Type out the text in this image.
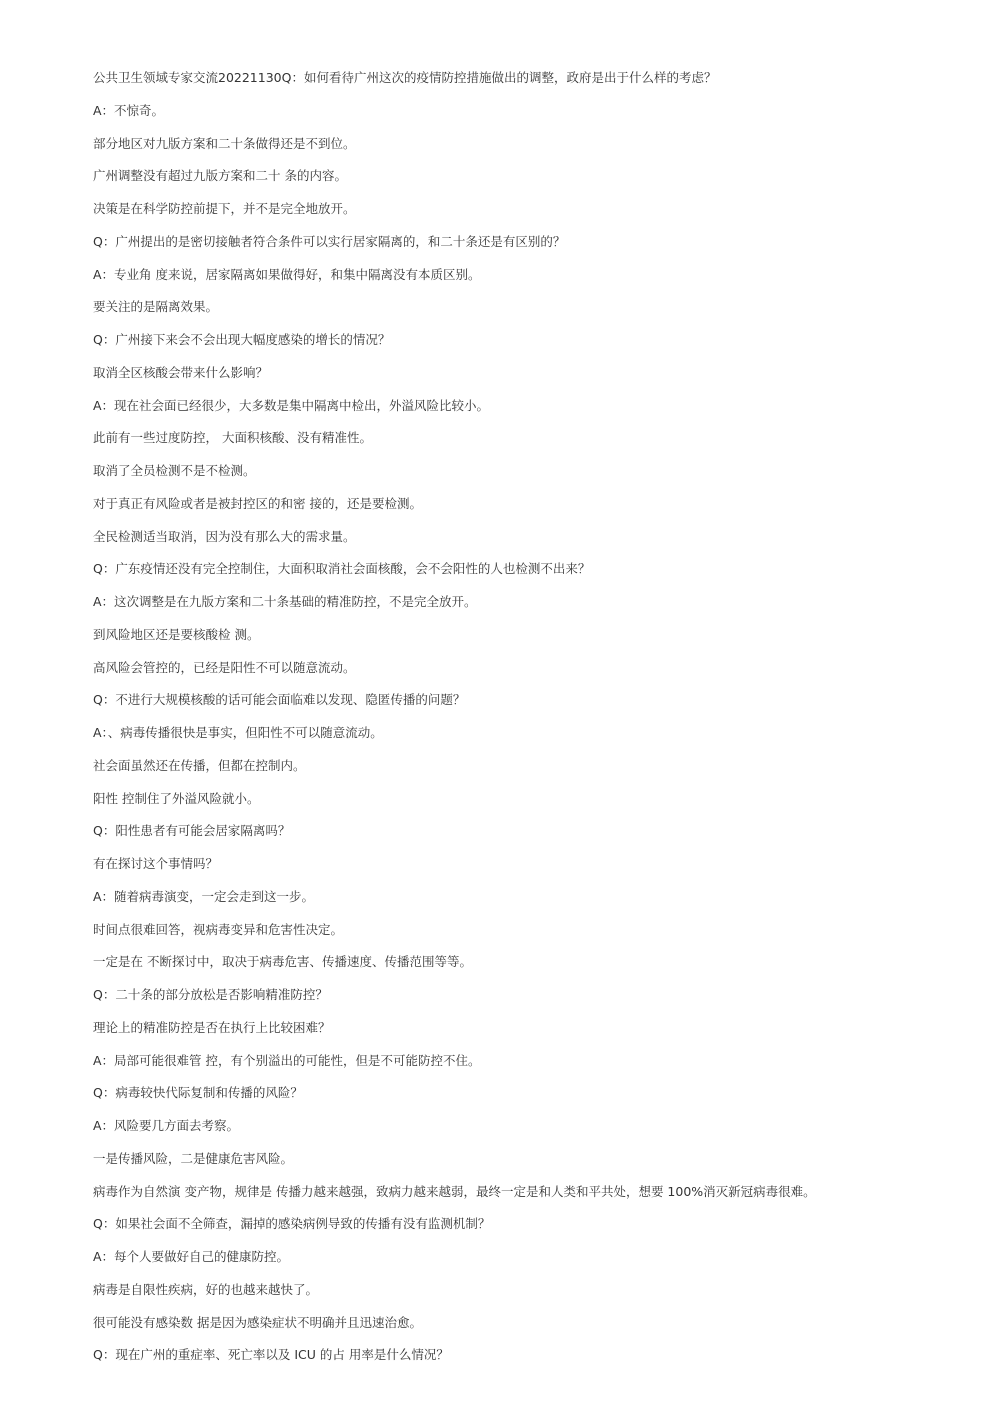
公共卫生领域专家交流20221130Q：如何看待广州这次的疫情防控措施做出的调整，政府是出于什么样的考虑？
A：不惊奇。
部分地区对九版方案和二十条做得还是不到位。
广州调整没有超过九版方案和二十 条的内容。
决策是在科学防控前提下，并不是完全地放开。
Q：广州提出的是密切接触者符合条件可以实行居家隔离的，和二十条还是有区别的？
A：专业角 度来说，居家隔离如果做得好，和集中隔离没有本质区别。
要关注的是隔离效果。
Q：广州接下来会不会出现大幅度感染的增长的情况？
取消全区核酸会带来什么影响？
A：现在社会面已经很少，大多数是集中隔离中检出，外溢风险比较小。
此前有一些过度防控， 大面积核酸、没有精准性。
取消了全员检测不是不检测。
对于真正有风险或者是被封控区的和密 接的，还是要检测。
全民检测适当取消，因为没有那么大的需求量。
Q：广东疫情还没有完全控制住，大面积取消社会面核酸，会不会阳性的人也检测不出来？
A：这次调整是在九版方案和二十条基础的精准防控，不是完全放开。
到风险地区还是要核酸检 测。
高风险会管控的，已经是阳性不可以随意流动。
Q：不进行大规模核酸的话可能会面临难以发现、隐匿传播的问题？
A：、病毒传播很快是事实，但阳性不可以随意流动。
社会面虽然还在传播，但都在控制内。
阳性 控制住了外溢风险就小。
Q：阳性患者有可能会居家隔离吗？
有在探讨这个事情吗？
A：随着病毒演变，一定会走到这一步。
时间点很难回答，视病毒变异和危害性决定。
一定是在 不断探讨中，取决于病毒危害、传播速度、传播范围等等。
Q：二十条的部分放松是否影响精准防控？
理论上的精准防控是否在执行上比较困难？
A：局部可能很难管 控，有个别溢出的可能性，但是不可能防控不住。
Q：病毒较快代际复制和传播的风险？
A：风险要几方面去考察。
一是传播风险，二是健康危害风险。
病毒作为自然演 变产物，规律是 传播力越来越强，致病力越来越弱，最终一定是和人类和平共处，想要 100%消灭新冠病毒很难。
Q：如果社会面不全筛查，漏掉的感染病例导致的传播有没有监测机制？
A：每个人要做好自己的健康防控。
病毒是自限性疾病，好的也越来越快了。
很可能没有感染数 据是因为感染症状不明确并且迅速治愈。
Q：现在广州的重症率、死亡率以及 ICU 的占 用率是什么情况？
